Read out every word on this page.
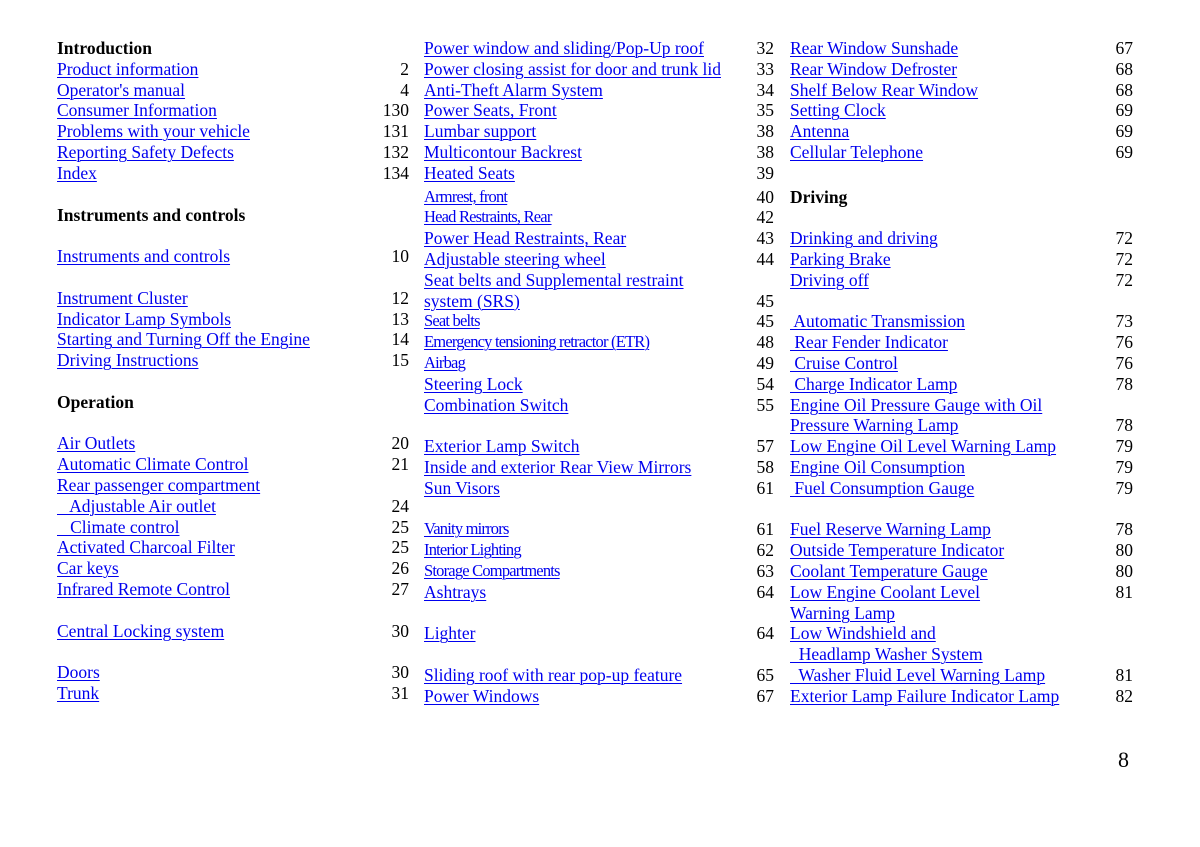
Introduction
Product information	2
Operator's manual	4
Consumer Information	130
Problems with your vehicle	131
Reporting Safety Defects	132
Index	134
Instruments and controls
Instruments and controls	10
Instrument Cluster	12
Indicator Lamp Symbols	13
Starting and Turning Off the Engine	14
Driving Instructions	15
Operation
Air Outlets	20
Automatic Climate Control	21
Rear passenger compartment
Adjustable Air outlet	24
Climate control	25
Activated Charcoal Filter	25
Car keys	26
Infrared Remote Control	27
Central Locking system	30
Doors	30
Trunk	31
Power window and sliding/Pop-Up roof	32
Power closing assist for door and trunk lid	33
Anti-Theft Alarm System	34
Power Seats, Front	35
Lumbar support	38
Multicontour Backrest	38
Heated Seats	39
Armrest, front	40
Head Restraints, Rear	42
Power Head Restraints, Rear	43
Adjustable steering wheel	44
Seat belts and Supplemental restraint
system (SRS)	45
Seat belts	45
Emergency tensioning retractor (ETR)	48
Airbag	49
Steering Lock	54
Combination Switch	55
Exterior Lamp Switch	57
Inside and exterior Rear View Mirrors	58
Sun Visors	61
Vanity mirrors	61
Interior Lighting	62
Storage Compartments	63
Ashtrays	64
Lighter	64
Sliding roof with rear pop-up feature	65
Power Windows	67
Rear Window Sunshade	67
Rear Window Defroster	68
Shelf Below Rear Window	68
Setting Clock	69
Antenna	69
Cellular Telephone	69
Driving
Drinking and driving	72
Parking Brake	72
Driving off	72
Automatic Transmission	73
Rear Fender Indicator	76
Cruise Control	76
Charge Indicator Lamp	78
Engine Oil Pressure Gauge with Oil
Pressure Warning Lamp	78
Low Engine Oil Level Warning Lamp	79
Engine Oil Consumption	79
Fuel Consumption Gauge	79
Fuel Reserve Warning Lamp	78
Outside Temperature Indicator	80
Coolant Temperature Gauge	80
Low Engine Coolant Level	81
Warning Lamp
Low Windshield and
Headlamp Washer System
Washer Fluid Level Warning Lamp	81
Exterior Lamp Failure Indicator Lamp	82
8
